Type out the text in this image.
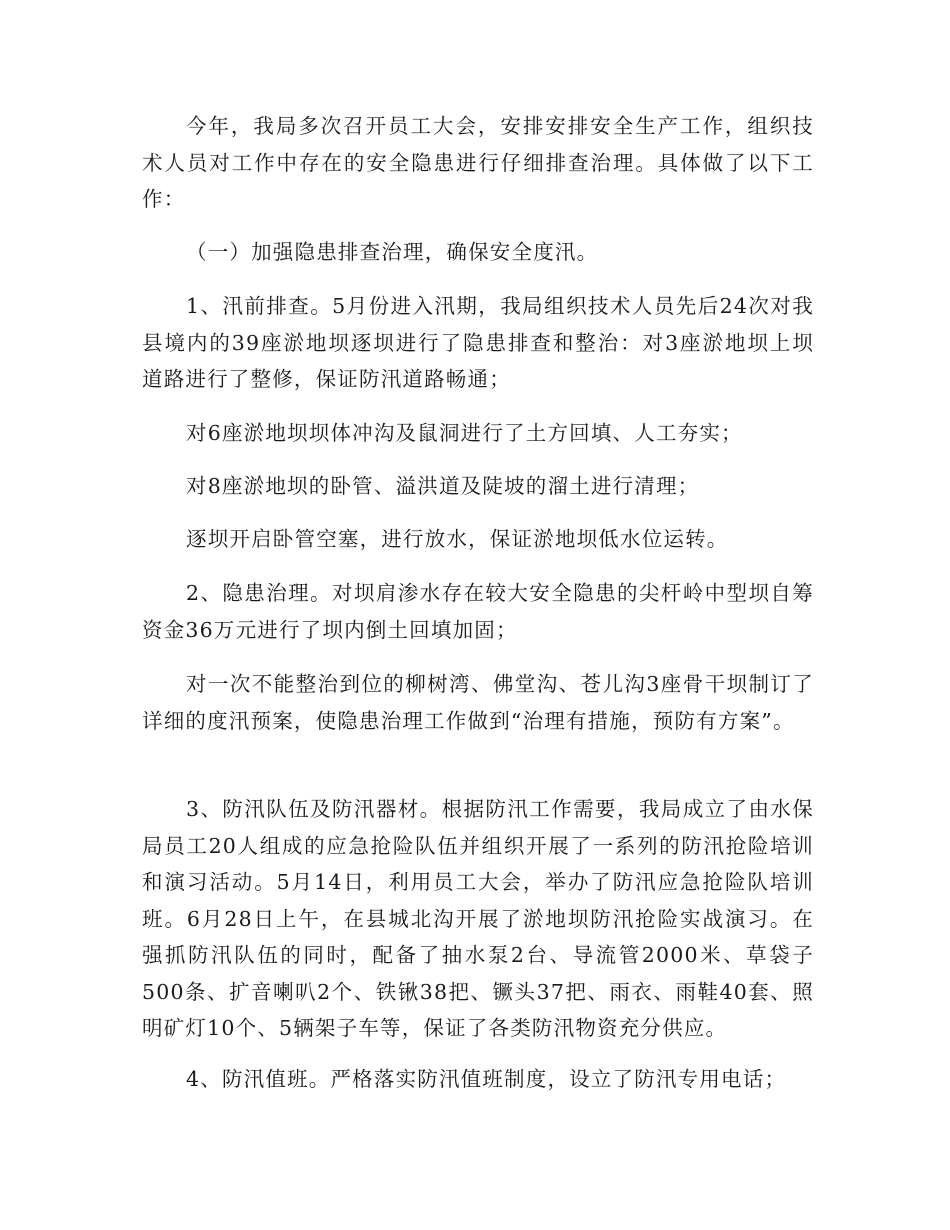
今年，我局多次召开员工大会，安排安排安全生产工作，组织技术人员对工作中存在的安全隐患进行仔细排查治理。具体做了以下工作：

（一）加强隐患排查治理，确保安全度汛。

1、汛前排查。5月份进入汛期，我局组织技术人员先后24次对我县境内的39座淤地坝逐坝进行了隐患排查和整治：对3座淤地坝上坝道路进行了整修，保证防汛道路畅通；

对6座淤地坝坝体冲沟及鼠洞进行了土方回填、人工夯实；

对8座淤地坝的卧管、溢洪道及陡坡的溜土进行清理；

逐坝开启卧管空塞，进行放水，保证淤地坝低水位运转。

2、隐患治理。对坝肩渗水存在较大安全隐患的尖杆岭中型坝自筹资金36万元进行了坝内倒土回填加固；

对一次不能整治到位的柳树湾、佛堂沟、苍儿沟3座骨干坝制订了详细的度汛预案，使隐患治理工作做到“治理有措施，预防有方案”。

3、防汛队伍及防汛器材。根据防汛工作需要，我局成立了由水保局员工20人组成的应急抢险队伍并组织开展了一系列的防汛抢险培训和演习活动。5月14日，利用员工大会，举办了防汛应急抢险队培训班。6月28日上午，在县城北沟开展了淤地坝防汛抢险实战演习。在强抓防汛队伍的同时，配备了抽水泵2台、导流管2000米、草袋子500条、扩音喇叭2个、铁锹38把、镢头37把、雨衣、雨鞋40套、照明矿灯10个、5辆架子车等，保证了各类防汛物资充分供应。

4、防汛值班。严格落实防汛值班制度，设立了防汛专用电话；
